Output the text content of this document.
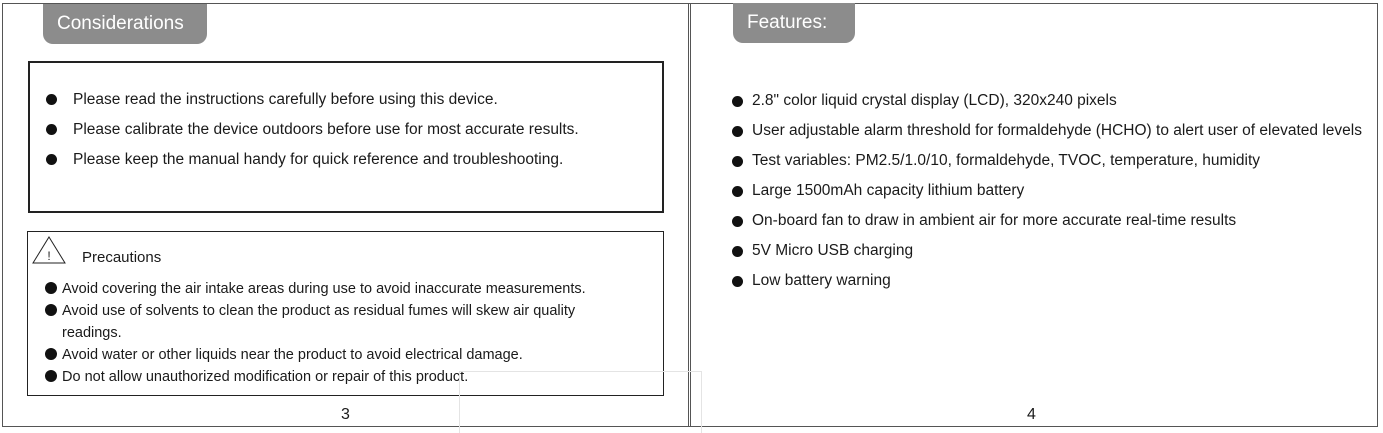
Considerations
Please read the instructions carefully before using this device.
Please calibrate the device outdoors before use for most accurate results.
Please keep the manual handy for quick reference and troubleshooting.
! Precautions
Avoid covering the air intake areas during use to avoid inaccurate measurements.
Avoid use of solvents to clean the product as residual fumes will skew air quality readings.
Avoid water or other liquids near the product to avoid electrical damage.
Do not allow unauthorized modification or repair of this product.
3
Features:
2.8" color liquid crystal display (LCD), 320x240 pixels
User adjustable alarm threshold for formaldehyde (HCHO) to alert user of elevated levels
Test variables: PM2.5/1.0/10, formaldehyde, TVOC, temperature, humidity
Large 1500mAh capacity lithium battery
On-board fan to draw in ambient air for more accurate real-time results
5V Micro USB charging
Low battery warning
4
